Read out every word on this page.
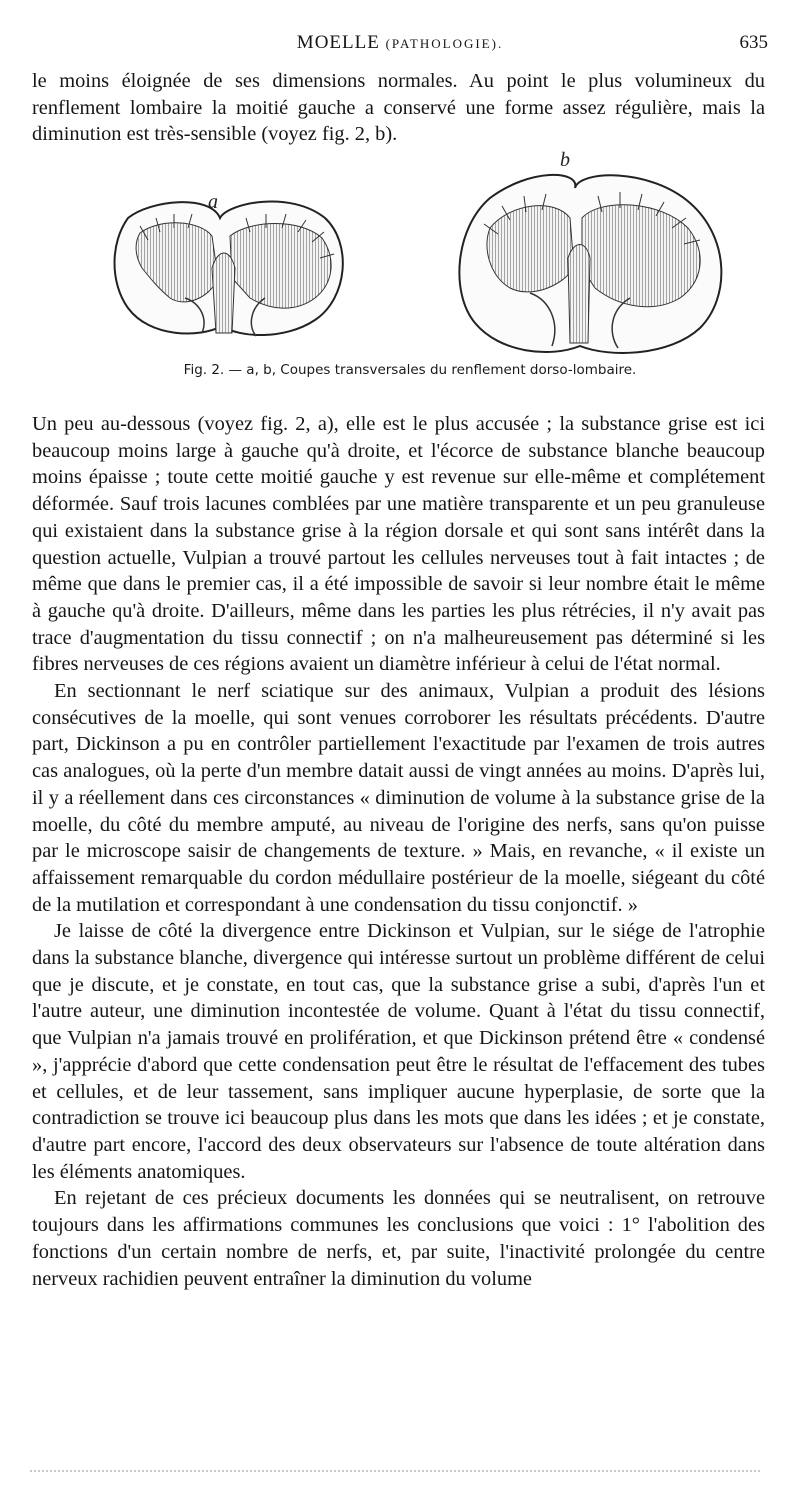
MOELLE (PATHOLOGIE).	635

le moins éloignée de ses dimensions normales. Au point le plus volumineux du renflement lombaire la moitié gauche a conservé une forme assez régulière, mais la diminution est très-sensible (voyez fig. 2, b).

a
b
Fig. 2. — a, b, Coupes transversales du renflement dorso-lombaire.

Un peu au-dessous (voyez fig. 2, a), elle est le plus accusée ; la substance grise est ici beaucoup moins large à gauche qu'à droite, et l'écorce de substance blanche beaucoup moins épaisse ; toute cette moitié gauche y est revenue sur elle-même et complétement déformée. Sauf trois lacunes comblées par une matière transparente et un peu granuleuse qui existaient dans la substance grise à la région dorsale et qui sont sans intérêt dans la question actuelle, Vulpian a trouvé partout les cellules nerveuses tout à fait intactes ; de même que dans le premier cas, il a été impossible de savoir si leur nombre était le même à gauche qu'à droite. D'ailleurs, même dans les parties les plus rétrécies, il n'y avait pas trace d'augmentation du tissu connectif ; on n'a malheureusement pas déterminé si les fibres nerveuses de ces régions avaient un diamètre inférieur à celui de l'état normal.

En sectionnant le nerf sciatique sur des animaux, Vulpian a produit des lésions consécutives de la moelle, qui sont venues corroborer les résultats précédents. D'autre part, Dickinson a pu en contrôler partiellement l'exactitude par l'examen de trois autres cas analogues, où la perte d'un membre datait aussi de vingt années au moins. D'après lui, il y a réellement dans ces circonstances « diminution de volume à la substance grise de la moelle, du côté du membre amputé, au niveau de l'origine des nerfs, sans qu'on puisse par le microscope saisir de changements de texture. » Mais, en revanche, « il existe un affaissement remarquable du cordon médullaire postérieur de la moelle, siégeant du côté de la mutilation et correspondant à une condensation du tissu conjonctif. »

Je laisse de côté la divergence entre Dickinson et Vulpian, sur le siége de l'atrophie dans la substance blanche, divergence qui intéresse surtout un problème différent de celui que je discute, et je constate, en tout cas, que la substance grise a subi, d'après l'un et l'autre auteur, une diminution incontestée de volume. Quant à l'état du tissu connectif, que Vulpian n'a jamais trouvé en prolifération, et que Dickinson prétend être « condensé », j'apprécie d'abord que cette condensation peut être le résultat de l'effacement des tubes et cellules, et de leur tassement, sans impliquer aucune hyperplasie, de sorte que la contradiction se trouve ici beaucoup plus dans les mots que dans les idées ; et je constate, d'autre part encore, l'accord des deux observateurs sur l'absence de toute altération dans les éléments anatomiques.

En rejetant de ces précieux documents les données qui se neutralisent, on retrouve toujours dans les affirmations communes les conclusions que voici : 1° l'abolition des fonctions d'un certain nombre de nerfs, et, par suite, l'inactivité prolongée du centre nerveux rachidien peuvent entraîner la diminution du volume
